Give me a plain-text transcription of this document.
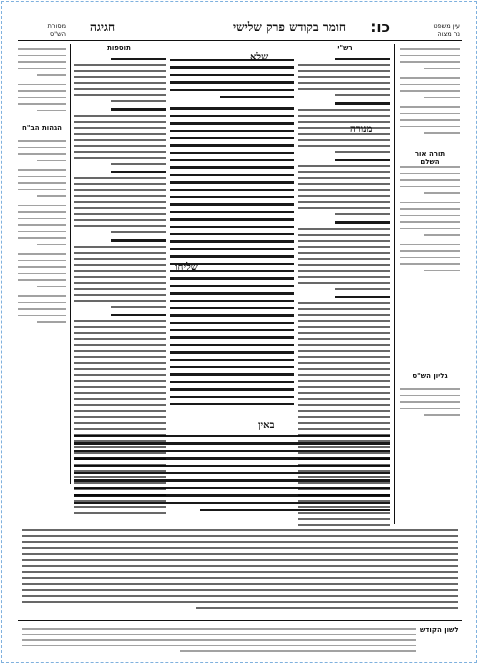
כו:
חומר בקודש פרק שלישי
חגיגה	עין משפט
נר מצוה
מסורת
הש"ס
תורה אור השלם
גליון הש"ס
הגהות הב"ח
תוספות	רש"י
שלא
באין
שליחו
מנורה
לשון הקודש
